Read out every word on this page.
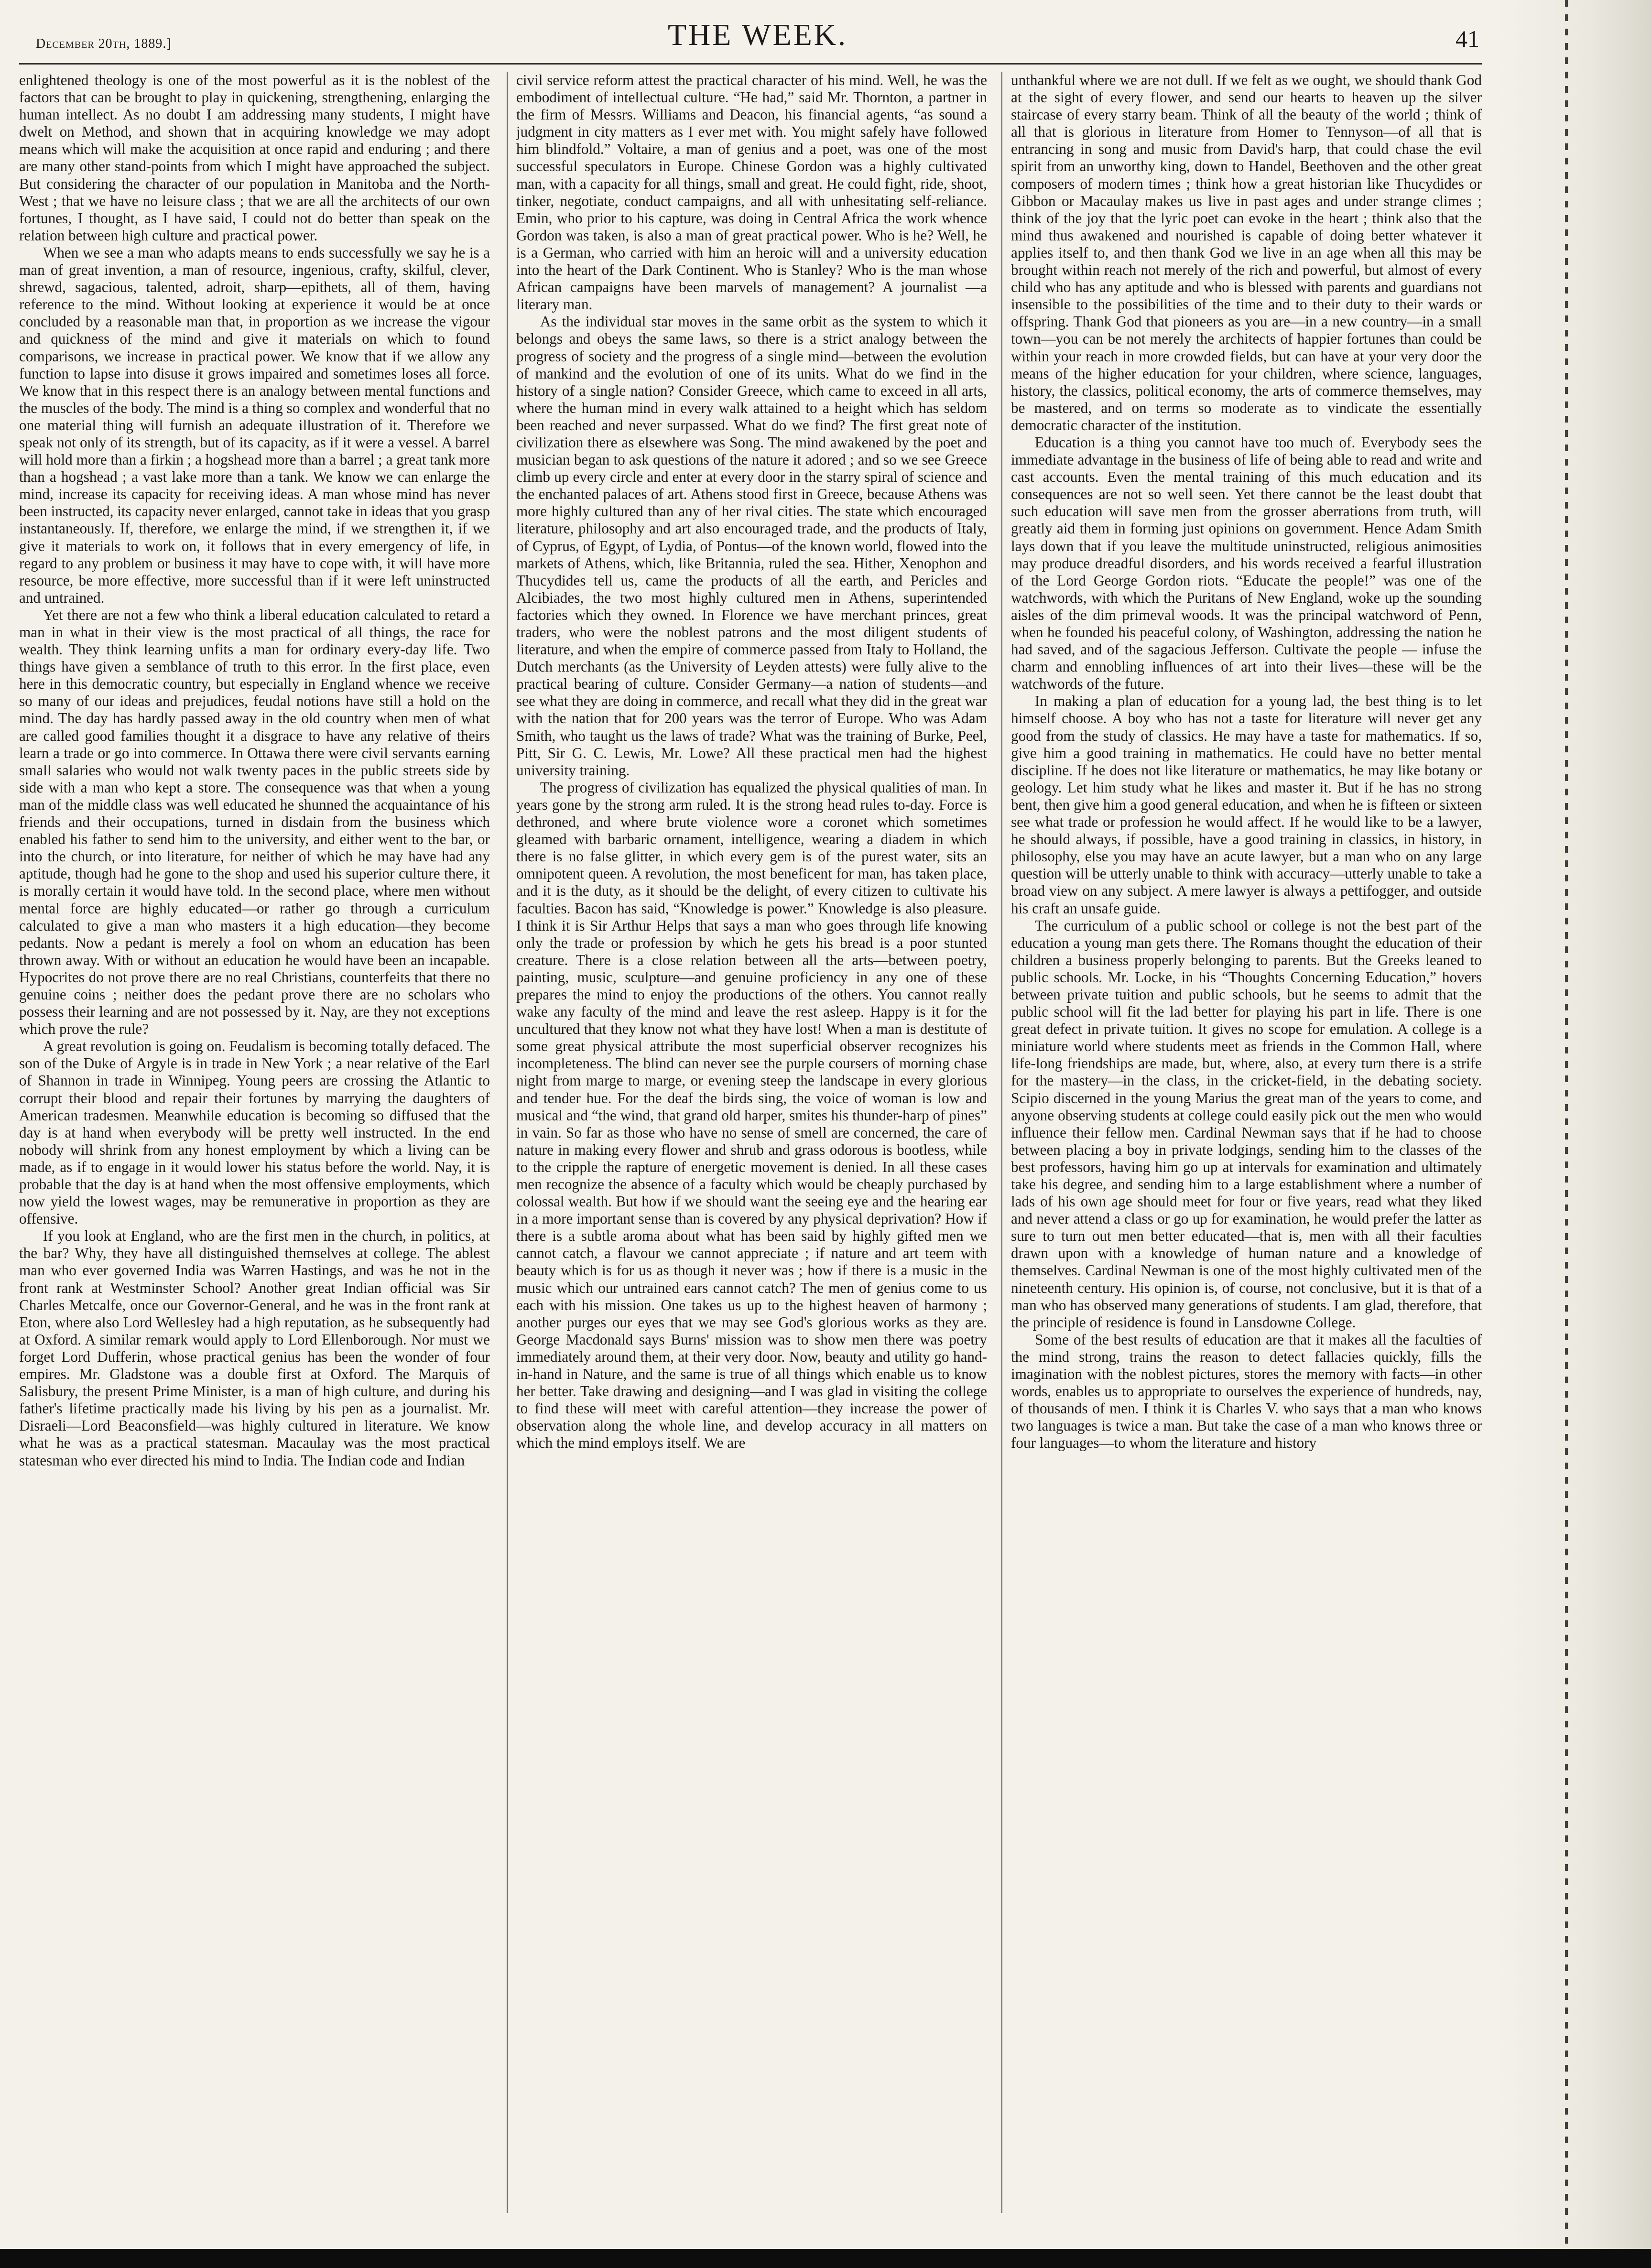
December 20th, 1889.]	THE WEEK.	41

enlightened theology is one of the most powerful as it is the noblest of the factors that can be brought to play in quickening, strengthening, enlarging the human intellect. As no doubt I am addressing many students, I might have dwelt on Method, and shown that in acquiring knowledge we may adopt means which will make the acquisition at once rapid and enduring ; and there are many other stand-points from which I might have approached the subject. But considering the character of our population in Manitoba and the North-West ; that we have no leisure class ; that we are all the architects of our own fortunes, I thought, as I have said, I could not do better than speak on the relation between high culture and practical power.

When we see a man who adapts means to ends successfully we say he is a man of great invention, a man of resource, ingenious, crafty, skilful, clever, shrewd, sagacious, talented, adroit, sharp—epithets, all of them, having reference to the mind. Without looking at experience it would be at once concluded by a reasonable man that, in proportion as we increase the vigour and quickness of the mind and give it materials on which to found comparisons, we increase in practical power. We know that if we allow any function to lapse into disuse it grows impaired and sometimes loses all force. We know that in this respect there is an analogy between mental functions and the muscles of the body. The mind is a thing so complex and wonderful that no one material thing will furnish an adequate illustration of it. Therefore we speak not only of its strength, but of its capacity, as if it were a vessel. A barrel will hold more than a firkin ; a hogshead more than a barrel ; a great tank more than a hogshead ; a vast lake more than a tank. We know we can enlarge the mind, increase its capacity for receiving ideas. A man whose mind has never been instructed, its capacity never enlarged, cannot take in ideas that you grasp instantaneously. If, therefore, we enlarge the mind, if we strengthen it, if we give it materials to work on, it follows that in every emergency of life, in regard to any problem or business it may have to cope with, it will have more resource, be more effective, more successful than if it were left uninstructed and untrained.

Yet there are not a few who think a liberal education calculated to retard a man in what in their view is the most practical of all things, the race for wealth. They think learning unfits a man for ordinary every-day life. Two things have given a semblance of truth to this error. In the first place, even here in this democratic country, but especially in England whence we receive so many of our ideas and prejudices, feudal notions have still a hold on the mind. The day has hardly passed away in the old country when men of what are called good families thought it a disgrace to have any relative of theirs learn a trade or go into commerce. In Ottawa there were civil servants earning small salaries who would not walk twenty paces in the public streets side by side with a man who kept a store. The consequence was that when a young man of the middle class was well educated he shunned the acquaintance of his friends and their occupations, turned in disdain from the business which enabled his father to send him to the university, and either went to the bar, or into the church, or into literature, for neither of which he may have had any aptitude, though had he gone to the shop and used his superior culture there, it is morally certain it would have told. In the second place, where men without mental force are highly educated—or rather go through a curriculum calculated to give a man who masters it a high education—they become pedants. Now a pedant is merely a fool on whom an education has been thrown away. With or without an education he would have been an incapable. Hypocrites do not prove there are no real Christians, counterfeits that there no genuine coins ; neither does the pedant prove there are no scholars who possess their learning and are not possessed by it. Nay, are they not exceptions which prove the rule?

A great revolution is going on. Feudalism is becoming totally defaced. The son of the Duke of Argyle is in trade in New York ; a near relative of the Earl of Shannon in trade in Winnipeg. Young peers are crossing the Atlantic to corrupt their blood and repair their fortunes by marrying the daughters of American tradesmen. Meanwhile education is becoming so diffused that the day is at hand when everybody will be pretty well instructed. In the end nobody will shrink from any honest employment by which a living can be made, as if to engage in it would lower his status before the world. Nay, it is probable that the day is at hand when the most offensive employments, which now yield the lowest wages, may be remunerative in proportion as they are offensive.

If you look at England, who are the first men in the church, in politics, at the bar? Why, they have all distinguished themselves at college. The ablest man who ever governed India was Warren Hastings, and was he not in the front rank at Westminster School? Another great Indian official was Sir Charles Metcalfe, once our Governor-General, and he was in the front rank at Eton, where also Lord Wellesley had a high reputation, as he subsequently had at Oxford. A similar remark would apply to Lord Ellenborough. Nor must we forget Lord Dufferin, whose practical genius has been the wonder of four empires. Mr. Gladstone was a double first at Oxford. The Marquis of Salisbury, the present Prime Minister, is a man of high culture, and during his father's lifetime practically made his living by his pen as a journalist. Mr. Disraeli—Lord Beaconsfield—was highly cultured in literature. We know what he was as a practical statesman. Macaulay was the most practical statesman who ever directed his mind to India. The Indian code and Indian

civil service reform attest the practical character of his mind. Well, he was the embodiment of intellectual culture. “He had,” said Mr. Thornton, a partner in the firm of Messrs. Williams and Deacon, his financial agents, “as sound a judgment in city matters as I ever met with. You might safely have followed him blindfold.” Voltaire, a man of genius and a poet, was one of the most successful speculators in Europe. Chinese Gordon was a highly cultivated man, with a capacity for all things, small and great. He could fight, ride, shoot, tinker, negotiate, conduct campaigns, and all with unhesitating self-reliance. Emin, who prior to his capture, was doing in Central Africa the work whence Gordon was taken, is also a man of great practical power. Who is he? Well, he is a German, who carried with him an heroic will and a university education into the heart of the Dark Continent. Who is Stanley? Who is the man whose African campaigns have been marvels of management? A journalist —a literary man.

As the individual star moves in the same orbit as the system to which it belongs and obeys the same laws, so there is a strict analogy between the progress of society and the progress of a single mind—between the evolution of mankind and the evolution of one of its units. What do we find in the history of a single nation? Consider Greece, which came to exceed in all arts, where the human mind in every walk attained to a height which has seldom been reached and never surpassed. What do we find? The first great note of civilization there as elsewhere was Song. The mind awakened by the poet and musician began to ask questions of the nature it adored ; and so we see Greece climb up every circle and enter at every door in the starry spiral of science and the enchanted palaces of art. Athens stood first in Greece, because Athens was more highly cultured than any of her rival cities. The state which encouraged literature, philosophy and art also encouraged trade, and the products of Italy, of Cyprus, of Egypt, of Lydia, of Pontus—of the known world, flowed into the markets of Athens, which, like Britannia, ruled the sea. Hither, Xenophon and Thucydides tell us, came the products of all the earth, and Pericles and Alcibiades, the two most highly cultured men in Athens, superintended factories which they owned. In Florence we have merchant princes, great traders, who were the noblest patrons and the most diligent students of literature, and when the empire of commerce passed from Italy to Holland, the Dutch merchants (as the University of Leyden attests) were fully alive to the practical bearing of culture. Consider Germany—a nation of students—and see what they are doing in commerce, and recall what they did in the great war with the nation that for 200 years was the terror of Europe. Who was Adam Smith, who taught us the laws of trade? What was the training of Burke, Peel, Pitt, Sir G. C. Lewis, Mr. Lowe? All these practical men had the highest university training.

The progress of civilization has equalized the physical qualities of man. In years gone by the strong arm ruled. It is the strong head rules to-day. Force is dethroned, and where brute violence wore a coronet which sometimes gleamed with barbaric ornament, intelligence, wearing a diadem in which there is no false glitter, in which every gem is of the purest water, sits an omnipotent queen. A revolution, the most beneficent for man, has taken place, and it is the duty, as it should be the delight, of every citizen to cultivate his faculties. Bacon has said, “Knowledge is power.” Knowledge is also pleasure. I think it is Sir Arthur Helps that says a man who goes through life knowing only the trade or profession by which he gets his bread is a poor stunted creature. There is a close relation between all the arts—between poetry, painting, music, sculpture—and genuine proficiency in any one of these prepares the mind to enjoy the productions of the others. You cannot really wake any faculty of the mind and leave the rest asleep. Happy is it for the uncultured that they know not what they have lost! When a man is destitute of some great physical attribute the most superficial observer recognizes his incompleteness. The blind can never see the purple coursers of morning chase night from marge to marge, or evening steep the landscape in every glorious and tender hue. For the deaf the birds sing, the voice of woman is low and musical and “the wind, that grand old harper, smites his thunder-harp of pines” in vain. So far as those who have no sense of smell are concerned, the care of nature in making every flower and shrub and grass odorous is bootless, while to the cripple the rapture of energetic movement is denied. In all these cases men recognize the absence of a faculty which would be cheaply purchased by colossal wealth. But how if we should want the seeing eye and the hearing ear in a more important sense than is covered by any physical deprivation? How if there is a subtle aroma about what has been said by highly gifted men we cannot catch, a flavour we cannot appreciate ; if nature and art teem with beauty which is for us as though it never was ; how if there is a music in the music which our untrained ears cannot catch? The men of genius come to us each with his mission. One takes us up to the highest heaven of harmony ; another purges our eyes that we may see God's glorious works as they are. George Macdonald says Burns' mission was to show men there was poetry immediately around them, at their very door. Now, beauty and utility go hand-in-hand in Nature, and the same is true of all things which enable us to know her better. Take drawing and designing—and I was glad in visiting the college to find these will meet with careful attention—they increase the power of observation along the whole line, and develop accuracy in all matters on which the mind employs itself. We are

unthankful where we are not dull. If we felt as we ought, we should thank God at the sight of every flower, and send our hearts to heaven up the silver staircase of every starry beam. Think of all the beauty of the world ; think of all that is glorious in literature from Homer to Tennyson—of all that is entrancing in song and music from David's harp, that could chase the evil spirit from an unworthy king, down to Handel, Beethoven and the other great composers of modern times ; think how a great historian like Thucydides or Gibbon or Macaulay makes us live in past ages and under strange climes ; think of the joy that the lyric poet can evoke in the heart ; think also that the mind thus awakened and nourished is capable of doing better whatever it applies itself to, and then thank God we live in an age when all this may be brought within reach not merely of the rich and powerful, but almost of every child who has any aptitude and who is blessed with parents and guardians not insensible to the possibilities of the time and to their duty to their wards or offspring. Thank God that pioneers as you are—in a new country—in a small town—you can be not merely the architects of happier fortunes than could be within your reach in more crowded fields, but can have at your very door the means of the higher education for your children, where science, languages, history, the classics, political economy, the arts of commerce themselves, may be mastered, and on terms so moderate as to vindicate the essentially democratic character of the institution.

Education is a thing you cannot have too much of. Everybody sees the immediate advantage in the business of life of being able to read and write and cast accounts. Even the mental training of this much education and its consequences are not so well seen. Yet there cannot be the least doubt that such education will save men from the grosser aberrations from truth, will greatly aid them in forming just opinions on government. Hence Adam Smith lays down that if you leave the multitude uninstructed, religious animosities may produce dreadful disorders, and his words received a fearful illustration of the Lord George Gordon riots. “Educate the people!” was one of the watchwords, with which the Puritans of New England, woke up the sounding aisles of the dim primeval woods. It was the principal watchword of Penn, when he founded his peaceful colony, of Washington, addressing the nation he had saved, and of the sagacious Jefferson. Cultivate the people — infuse the charm and ennobling influences of art into their lives—these will be the watchwords of the future.

In making a plan of education for a young lad, the best thing is to let himself choose. A boy who has not a taste for literature will never get any good from the study of classics. He may have a taste for mathematics. If so, give him a good training in mathematics. He could have no better mental discipline. If he does not like literature or mathematics, he may like botany or geology. Let him study what he likes and master it. But if he has no strong bent, then give him a good general education, and when he is fifteen or sixteen see what trade or profession he would affect. If he would like to be a lawyer, he should always, if possible, have a good training in classics, in history, in philosophy, else you may have an acute lawyer, but a man who on any large question will be utterly unable to think with accuracy—utterly unable to take a broad view on any subject. A mere lawyer is always a pettifogger, and outside his craft an unsafe guide.

The curriculum of a public school or college is not the best part of the education a young man gets there. The Romans thought the education of their children a business properly belonging to parents. But the Greeks leaned to public schools. Mr. Locke, in his “Thoughts Concerning Education,” hovers between private tuition and public schools, but he seems to admit that the public school will fit the lad better for playing his part in life. There is one great defect in private tuition. It gives no scope for emulation. A college is a miniature world where students meet as friends in the Common Hall, where life-long friendships are made, but, where, also, at every turn there is a strife for the mastery—in the class, in the cricket-field, in the debating society. Scipio discerned in the young Marius the great man of the years to come, and anyone observing students at college could easily pick out the men who would influence their fellow men. Cardinal Newman says that if he had to choose between placing a boy in private lodgings, sending him to the classes of the best professors, having him go up at intervals for examination and ultimately take his degree, and sending him to a large establishment where a number of lads of his own age should meet for four or five years, read what they liked and never attend a class or go up for examination, he would prefer the latter as sure to turn out men better educated—that is, men with all their faculties drawn upon with a knowledge of human nature and a knowledge of themselves. Cardinal Newman is one of the most highly cultivated men of the nineteenth century. His opinion is, of course, not conclusive, but it is that of a man who has observed many generations of students. I am glad, therefore, that the principle of residence is found in Lansdowne College.

Some of the best results of education are that it makes all the faculties of the mind strong, trains the reason to detect fallacies quickly, fills the imagination with the noblest pictures, stores the memory with facts—in other words, enables us to appropriate to ourselves the experience of hundreds, nay, of thousands of men. I think it is Charles V. who says that a man who knows two languages is twice a man. But take the case of a man who knows three or four languages—to whom the literature and history
